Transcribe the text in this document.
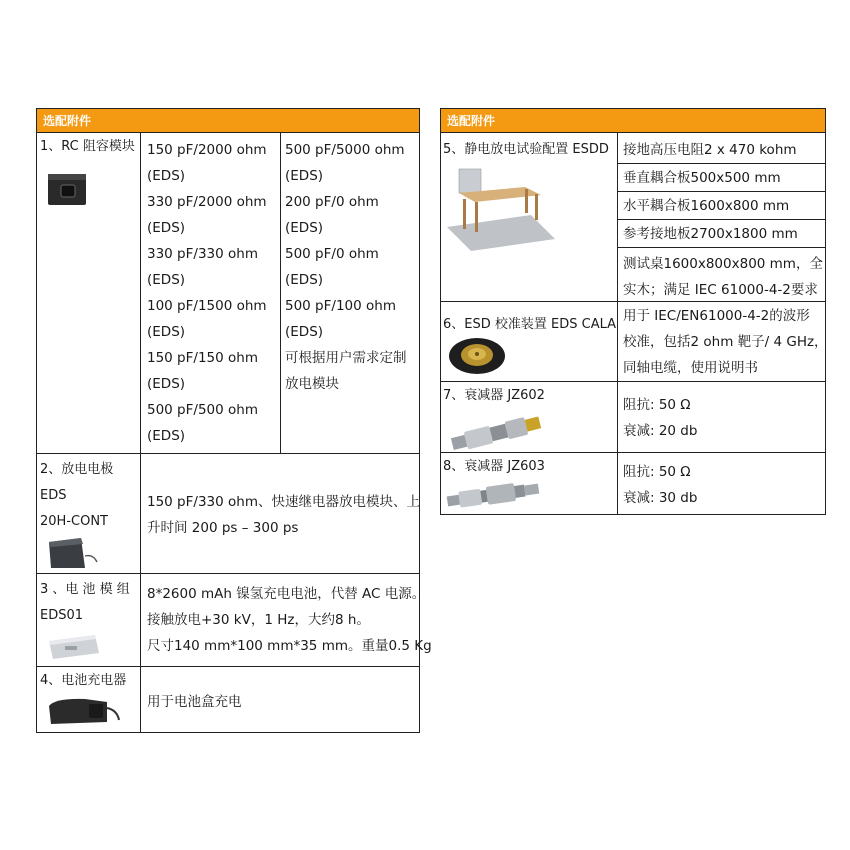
选配附件
1、RC 阻容模块 150 pF/2000 ohm
(EDS)
330 pF/2000 ohm
(EDS)
330 pF/330 ohm
(EDS)
100 pF/1500 ohm
(EDS)
150 pF/150 ohm
(EDS)
500 pF/500 ohm
(EDS)
500 pF/5000 ohm
(EDS)
200 pF/0 ohm
(EDS)
500 pF/0 ohm
(EDS)
500 pF/100 ohm
(EDS)
可根据用户需求定制
放电模块
2、放电电极
EDS
20H-CONT
150 pF/330 ohm、快速继电器放电模块、上
升时间 200 ps – 300 ps
3 、电 池 模 组
EDS01
8*2600 mAh 镍氢充电电池，代替 AC 电源。
接触放电+30 kV，1 Hz，大约8 h。
尺寸140 mm*100 mm*35 mm。重量0.5 Kg
4、电池充电器
用于电池盒充电
选配附件
5、静电放电试验配置 ESDD 接地高压电阻2 x 470 kohm
垂直耦合板500x500 mm
水平耦合板1600x800 mm
参考接地板2700x1800 mm
测试桌1600x800x800 mm，全
实木；满足 IEC 61000-4-2要求
6、ESD 校准装置 EDS CALA
用于 IEC/EN61000-4-2的波形
校准，包括2 ohm 靶子/ 4 GHz，
同轴电缆，使用说明书
7、衰减器 JZ602
阻抗: 50 Ω
衰减: 20 db
8、衰减器 JZ603	阻抗: 50 Ω
衰减: 30 db
